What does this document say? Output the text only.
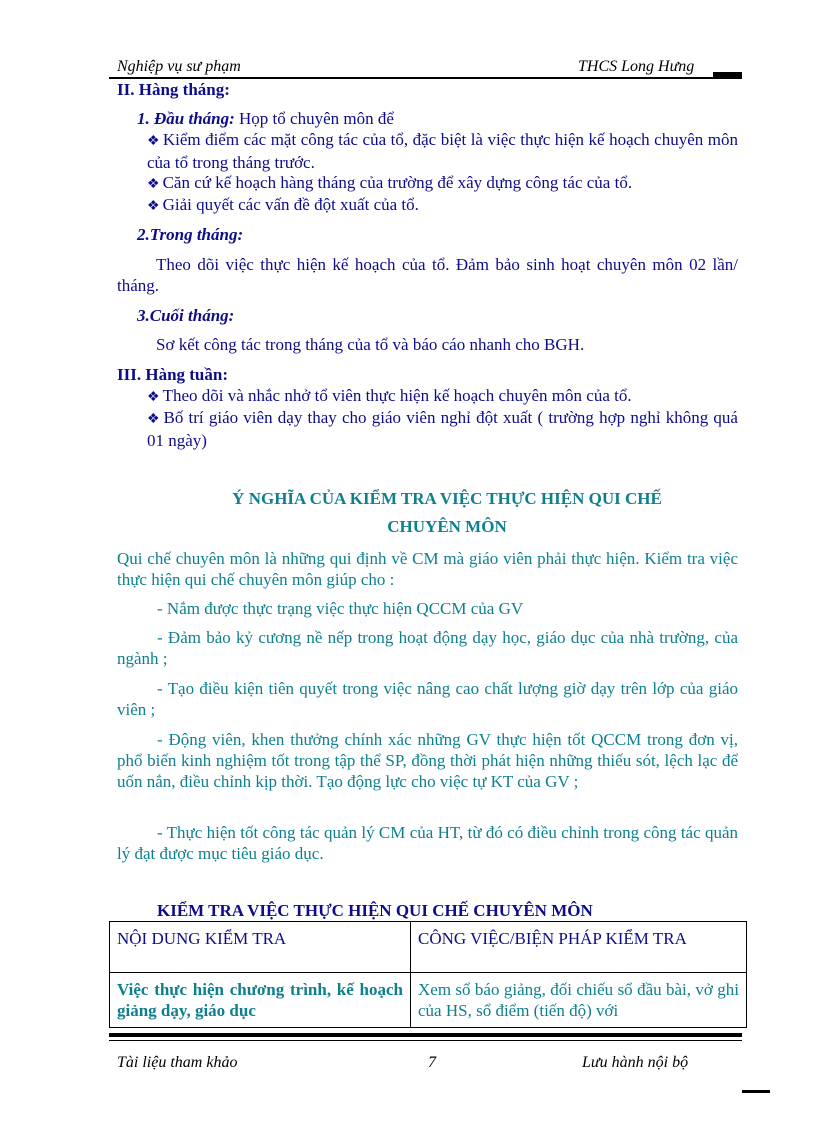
Nghiệp vụ sư phạm	THCS Long Hưng
II. Hàng tháng:
1. Đầu tháng: Họp tổ chuyên môn để
❖ Kiểm điểm các mặt công tác của tổ, đặc biệt là việc thực hiện kế hoạch chuyên môn của tổ trong tháng trước.
❖ Căn cứ kế hoạch hàng tháng của trường để xây dựng công tác của tổ.
❖ Giải quyết các vấn đề đột xuất của tổ.
2.Trong tháng:
Theo dõi việc thực hiện kế hoạch của tổ. Đảm bảo sinh hoạt chuyên môn 02 lần/ tháng.
3.Cuối tháng:
Sơ kết công tác trong tháng của tổ và báo cáo nhanh cho BGH.
III. Hàng tuần:
❖ Theo dõi và nhắc nhở tổ viên thực hiện kế hoạch chuyên môn của tổ.
❖ Bố trí giáo viên dạy thay cho giáo viên nghỉ đột xuất ( trường hợp nghỉ không quá 01 ngày)
Ý NGHĨA CỦA KIỂM TRA VIỆC THỰC HIỆN QUI CHẾ
CHUYÊN MÔN
Qui chế chuyên môn là những qui định về CM mà giáo viên phải thực hiện. Kiểm tra việc thực hiện qui chế chuyên môn giúp cho :
- Nắm được thực trạng việc thực hiện QCCM của GV
- Đảm bảo kỷ cương nề nếp trong hoạt động dạy học, giáo dục của nhà trường, của ngành ;
- Tạo điều kiện tiên quyết trong việc nâng cao chất lượng giờ dạy trên lớp của giáo viên ;
- Động viên, khen thưởng chính xác những GV thực hiện tốt QCCM trong đơn vị, phổ biến kinh nghiệm tốt trong tập thể SP, đồng thời phát hiện những thiếu sót, lệch lạc để uốn nắn, điều chỉnh kịp thời. Tạo động lực cho việc tự KT của GV ;
- Thực hiện tốt công tác quản lý CM của HT, từ đó có điều chỉnh trong công tác quản lý đạt được mục tiêu giáo dục.
KIỂM TRA VIỆC THỰC HIỆN QUI CHẾ CHUYÊN MÔN
NỘI DUNG KIỂM TRA	CÔNG VIỆC/BIỆN PHÁP KIỂM TRA
Việc thực hiện chương trình, kế hoạch giảng dạy, giáo dục	Xem sổ báo giảng, đối chiếu sổ đầu bài, vở ghi của HS, sổ điểm (tiến độ) với
Tài liệu tham khảo	7	Lưu hành nội bộ
